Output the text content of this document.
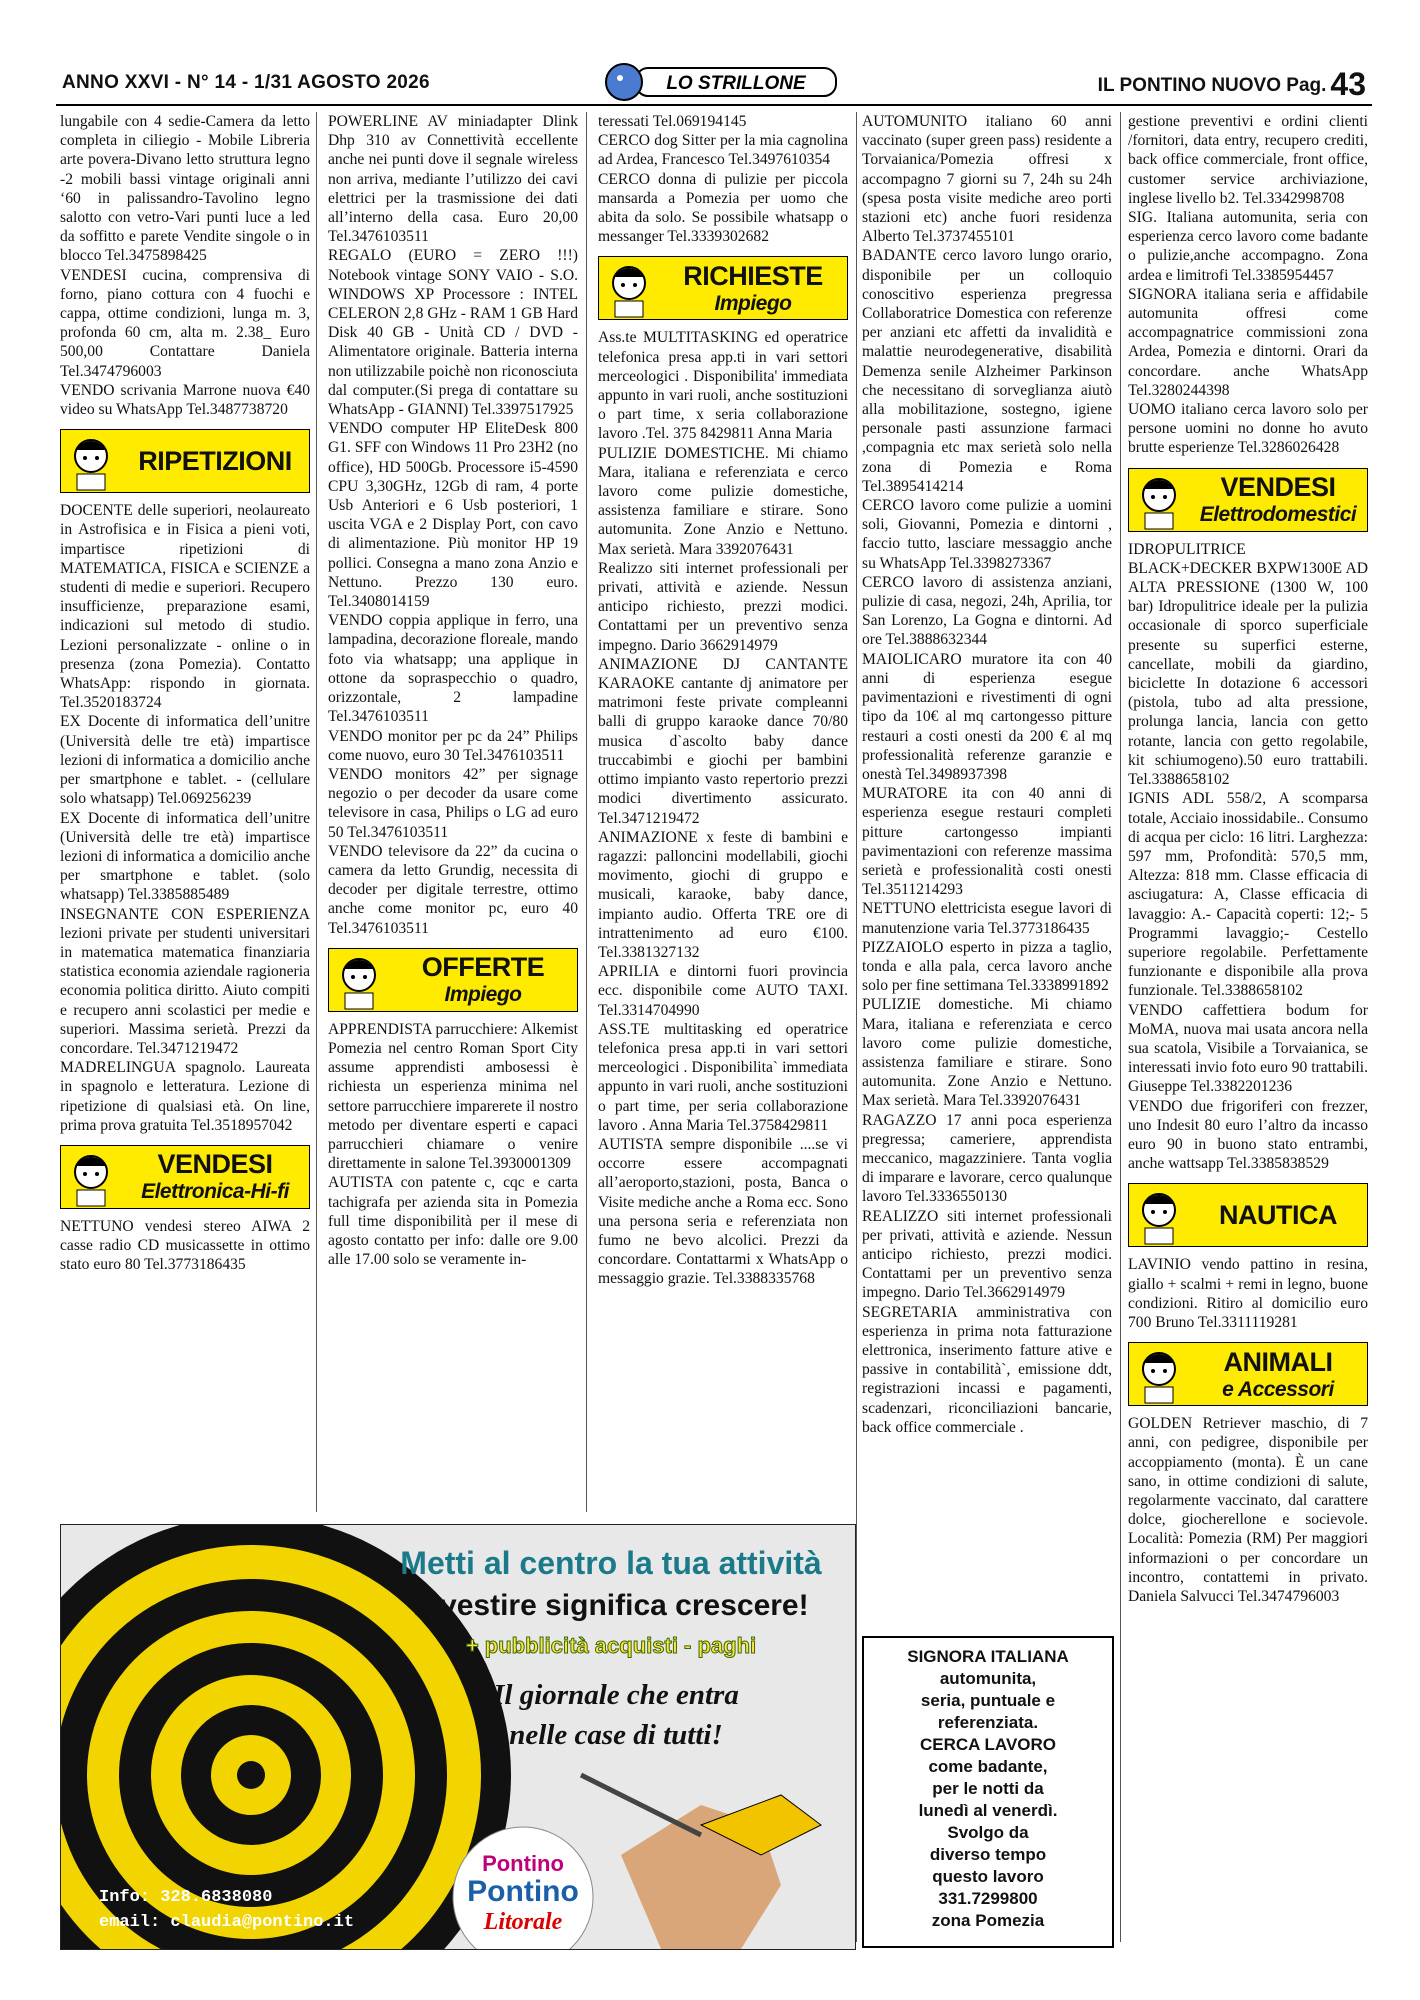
ANNO XXVI - N° 14 - 1/31 AGOSTO 2026	LO STRILLONE	IL PONTINO NUOVO Pag. 43

lungabile con 4 sedie-Camera da letto completa in ciliegio - Mobile Libreria arte povera-Divano letto struttura legno -2 mobili bassi vintage originali anni ‘60 in palissandro-Tavolino legno salotto con vetro-Vari punti luce a led da soffitto e parete Vendite singole o in blocco Tel.3475898425

VENDESI cucina, comprensiva di forno, piano cottura con 4 fuochi e cappa, ottime condizioni, lunga m. 3, profonda 60 cm, alta m. 2.38_ Euro 500,00 Contattare Daniela Tel.3474796003

VENDO scrivania Marrone nuova €40 video su WhatsApp Tel.3487738720

RIPETIZIONI

DOCENTE delle superiori, neolaureato in Astrofisica e in Fisica a pieni voti, impartisce ripetizioni di MATEMATICA, FISICA e SCIENZE a studenti di medie e superiori. Recupero insufficienze, preparazione esami, indicazioni sul metodo di studio. Lezioni personalizzate - online o in presenza (zona Pomezia). Contatto WhatsApp: rispondo in giornata. Tel.3520183724

EX Docente di informatica dell’unitre (Università delle tre età) impartisce lezioni di informatica a domicilio anche per smartphone e tablet. - (cellulare solo whatsapp) Tel.069256239

EX Docente di informatica dell’unitre (Università delle tre età) impartisce lezioni di informatica a domicilio anche per smartphone e tablet. (solo whatsapp) Tel.3385885489

INSEGNANTE CON ESPERIENZA lezioni private per studenti universitari in matematica matematica finanziaria statistica economia aziendale ragioneria economia politica diritto. Aiuto compiti e recupero anni scolastici per medie e superiori. Massima serietà. Prezzi da concordare. Tel.3471219472

MADRELINGUA spagnolo. Laureata in spagnolo e letteratura. Lezione di ripetizione di qualsiasi età. On line, prima prova gratuita Tel.3518957042

VENDESI
Elettronica-Hi-fi

NETTUNO vendesi stereo AIWA 2 casse radio CD musicassette in ottimo stato euro 80 Tel.3773186435

POWERLINE AV miniadapter Dlink Dhp 310 av Connettività eccellente anche nei punti dove il segnale wireless non arriva, mediante l’utilizzo dei cavi elettrici per la trasmissione dei dati all’interno della casa. Euro 20,00 Tel.3476103511

REGALO (EURO = ZERO !!!) Notebook vintage SONY VAIO - S.O. WINDOWS XP Processore : INTEL CELERON 2,8 GHz - RAM 1 GB Hard Disk 40 GB - Unità CD / DVD - Alimentatore originale. Batteria interna non utilizzabile poichè non riconosciuta dal computer.(Si prega di contattare su WhatsApp - GIANNI) Tel.3397517925

VENDO computer HP EliteDesk 800 G1. SFF con Windows 11 Pro 23H2 (no office), HD 500Gb. Processore i5-4590 CPU 3,30GHz, 12Gb di ram, 4 porte Usb Anteriori e 6 Usb posteriori, 1 uscita VGA e 2 Display Port, con cavo di alimentazione. Più monitor HP 19 pollici. Consegna a mano zona Anzio e Nettuno. Prezzo 130 euro. Tel.3408014159

VENDO coppia applique in ferro, una lampadina, decorazione floreale, mando foto via whatsapp; una applique in ottone da sopraspecchio o quadro, orizzontale, 2 lampadine Tel.3476103511

VENDO monitor per pc da 24” Philips come nuovo, euro 30 Tel.3476103511

VENDO monitors 42” per signage negozio o per decoder da usare come televisore in casa, Philips o LG ad euro 50 Tel.3476103511

VENDO televisore da 22” da cucina o camera da letto Grundig, necessita di decoder per digitale terrestre, ottimo anche come monitor pc, euro 40 Tel.3476103511

OFFERTE
Impiego

APPRENDISTA parrucchiere: Alkemist Pomezia nel centro Roman Sport City assume apprendisti ambosessi è richiesta un esperienza minima nel settore parrucchiere imparerete il nostro metodo per diventare esperti e capaci parrucchieri chiamare o venire direttamente in salone Tel.3930001309

AUTISTA con patente c, cqc e carta tachigrafa per azienda sita in Pomezia full time disponibilità per il mese di agosto contatto per info: dalle ore 9.00 alle 17.00 solo se veramente in-

teressati Tel.069194145

CERCO dog Sitter per la mia cagnolina ad Ardea, Francesco Tel.3497610354

CERCO donna di pulizie per piccola mansarda a Pomezia per uomo che abita da solo. Se possibile whatsapp o messanger Tel.3339302682

RICHIESTE
Impiego

Ass.te MULTITASKING ed operatrice telefonica presa app.ti in vari settori merceologici . Disponibilita' immediata appunto in vari ruoli, anche sostituzioni o part time, x seria collaborazione lavoro .Tel. 375 8429811 Anna Maria

PULIZIE DOMESTICHE. Mi chiamo Mara, italiana e referenziata e cerco lavoro come pulizie domestiche, assistenza familiare e stirare. Sono automunita. Zone Anzio e Nettuno. Max serietà. Mara 3392076431

Realizzo siti internet professionali per privati, attività e aziende. Nessun anticipo richiesto, prezzi modici. Contattami per un preventivo senza impegno. Dario 3662914979

ANIMAZIONE DJ CANTANTE KARAOKE cantante dj animatore per matrimoni feste private compleanni balli di gruppo karaoke dance 70/80 musica d`ascolto baby dance truccabimbi e giochi per bambini ottimo impianto vasto repertorio prezzi modici divertimento assicurato. Tel.3471219472

ANIMAZIONE x feste di bambini e ragazzi: palloncini modellabili, giochi movimento, giochi di gruppo e musicali, karaoke, baby dance, impianto audio. Offerta TRE ore di intrattenimento ad euro €100. Tel.3381327132

APRILIA e dintorni fuori provincia ecc. disponibile come AUTO TAXI. Tel.3314704990

ASS.TE multitasking ed operatrice telefonica presa app.ti in vari settori merceologici . Disponibilita` immediata appunto in vari ruoli, anche sostituzioni o part time, per seria collaborazione lavoro . Anna Maria Tel.3758429811

AUTISTA sempre disponibile ....se vi occorre essere accompagnati all’aeroporto,stazioni, posta, Banca o Visite mediche anche a Roma ecc. Sono una persona seria e referenziata non fumo ne bevo alcolici. Prezzi da concordare. Contattarmi x WhatsApp o messaggio grazie. Tel.3388335768

AUTOMUNITO italiano 60 anni vaccinato (super green pass) residente a Torvaianica/Pomezia offresi x accompagno 7 giorni su 7, 24h su 24h (spesa posta visite mediche areo porti stazioni etc) anche fuori residenza Alberto Tel.3737455101

BADANTE cerco lavoro lungo orario, disponibile per un colloquio conoscitivo esperienza pregressa Collaboratrice Domestica con referenze per anziani etc affetti da invalidità e malattie neurodegenerative, disabilità Demenza senile Alzheimer Parkinson che necessitano di sorveglianza aiutò alla mobilitazione, sostegno, igiene personale pasti assunzione farmaci ,compagnia etc max serietà solo nella zona di Pomezia e Roma Tel.3895414214

CERCO lavoro come pulizie a uomini soli, Giovanni, Pomezia e dintorni , faccio tutto, lasciare messaggio anche su WhatsApp Tel.3398273367

CERCO lavoro di assistenza anziani, pulizie di casa, negozi, 24h, Aprilia, tor San Lorenzo, La Gogna e dintorni. Ad ore Tel.3888632344

MAIOLICARO muratore ita con 40 anni di esperienza esegue pavimentazioni e rivestimenti di ogni tipo da 10€ al mq cartongesso pitture restauri a costi onesti da 200 € al mq professionalità referenze garanzie e onestà Tel.3498937398

MURATORE ita con 40 anni di esperienza esegue restauri completi pitture cartongesso impianti pavimentazioni con referenze massima serietà e professionalità costi onesti Tel.3511214293

NETTUNO elettricista esegue lavori di manutenzione varia Tel.3773186435

PIZZAIOLO esperto in pizza a taglio, tonda e alla pala, cerca lavoro anche solo per fine settimana Tel.3338991892

PULIZIE domestiche. Mi chiamo Mara, italiana e referenziata e cerco lavoro come pulizie domestiche, assistenza familiare e stirare. Sono automunita. Zone Anzio e Nettuno. Max serietà. Mara Tel.3392076431

RAGAZZO 17 anni poca esperienza pregressa; cameriere, apprendista meccanico, magazziniere. Tanta voglia di imparare e lavorare, cerco qualunque lavoro Tel.3336550130

REALIZZO siti internet professionali per privati, attività e aziende. Nessun anticipo richiesto, prezzi modici. Contattami per un preventivo senza impegno. Dario Tel.3662914979

SEGRETARIA amministrativa con esperienza in prima nota fatturazione elettronica, inserimento fatture ative e passive in contabilità`, emissione ddt, registrazioni incassi e pagamenti, scadenzari, riconciliazioni bancarie, back office commerciale .

SIGNORA ITALIANA
automunita,
seria, puntuale e
referenziata.
CERCA LAVORO
come badante,
per le notti da
lunedì al venerdì.
Svolgo da
diverso tempo
questo lavoro
331.7299800
zona Pomezia

gestione preventivi e ordini clienti /fornitori, data entry, recupero crediti, back office commerciale, front office, customer service archiviazione, inglese livello b2. Tel.3342998708

SIG. Italiana automunita, seria con esperienza cerco lavoro come badante o pulizie,anche accompagno. Zona ardea e limitrofi Tel.3385954457

SIGNORA italiana seria e affidabile automunita offresi come accompagnatrice commissioni zona Ardea, Pomezia e dintorni. Orari da concordare. anche WhatsApp Tel.3280244398

UOMO italiano cerca lavoro solo per persone uomini no donne ho avuto brutte esperienze Tel.3286026428

VENDESI
Elettrodomestici

IDROPULITRICE BLACK+DECKER BXPW1300E AD ALTA PRESSIONE (1300 W, 100 bar) Idropulitrice ideale per la pulizia occasionale di sporco superficiale presente su superfici esterne, cancellate, mobili da giardino, biciclette In dotazione 6 accessori (pistola, tubo ad alta pressione, prolunga lancia, lancia con getto rotante, lancia con getto regolabile, kit schiumogeno).50 euro trattabili. Tel.3388658102

IGNIS ADL 558/2, A scomparsa totale, Acciaio inossidabile.. Consumo di acqua per ciclo: 16 litri. Larghezza: 597 mm, Profondità: 570,5 mm, Altezza: 818 mm. Classe efficacia di asciugatura: A, Classe efficacia di lavaggio: A.- Capacità coperti: 12;- 5 Programmi lavaggio;- Cestello superiore regolabile. Perfettamente funzionante e disponibile alla prova funzionale. Tel.3388658102

VENDO caffettiera bodum for MoMA, nuova mai usata ancora nella sua scatola, Visibile a Torvaianica, se interessati invio foto euro 90 trattabili. Giuseppe Tel.3382201236

VENDO due frigoriferi con frezzer, uno Indesit 80 euro l’altro da incasso euro 90 in buono stato entrambi, anche wattsapp Tel.3385838529

NAUTICA

LAVINIO vendo pattino in resina, giallo + scalmi + remi in legno, buone condizioni. Ritiro al domicilio euro 700 Bruno Tel.3311119281

ANIMALI
e Accessori

GOLDEN Retriever maschio, di 7 anni, con pedigree, disponibile per accoppiamento (monta). È un cane sano, in ottime condizioni di salute, regolarmente vaccinato, dal carattere dolce, giocherellone e socievole. Località: Pomezia (RM) Per maggiori informazioni o per concordare un incontro, contattemi in privato. Daniela Salvucci Tel.3474796003

Pontino
Pontino
Litorale
Metti al centro la tua attività
Investire significa crescere!
+ pubblicità acquisti - paghi
Il giornale che entra
nelle case di tutti!
Info: 328.6838080
email: claudia@pontino.it
